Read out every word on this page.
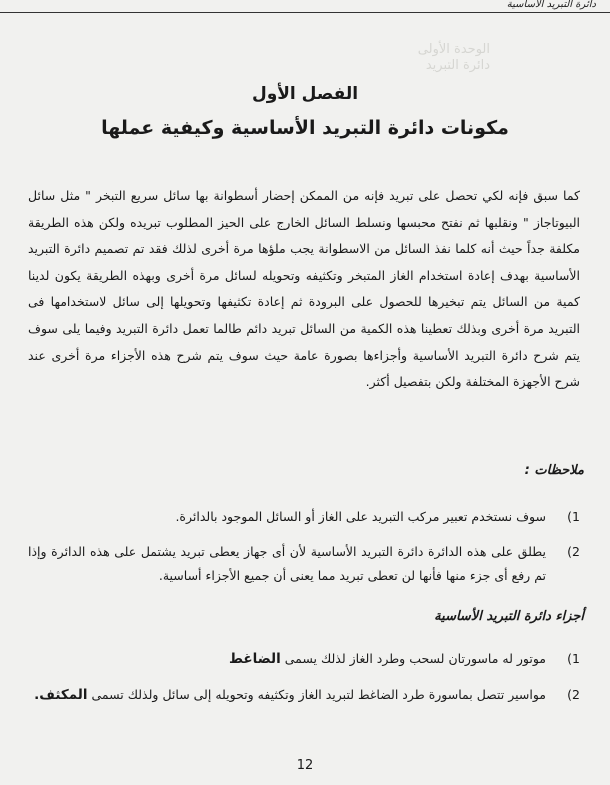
دائرة التبريد الأساسية
الوحدة الأولى
دائرة التبريد
الفصل الأول
مكونات دائرة التبريد الأساسية وكيفية عملها
كما سبق فإنه لكي تحصل على تبريد فإنه من الممكن إحضار أسطوانة بها سائل سريع التبخر " مثل سائل البيوتاجاز " ونقلبها ثم نفتح محبسها ونسلط السائل الخارج على الحيز المطلوب تبريده ولكن هذه الطريقة مكلفة جداً حيث أنه كلما نفذ السائل من الاسطوانة يجب ملؤها مرة أخرى لذلك فقد تم تصميم دائرة التبريد الأساسية بهدف إعادة استخدام الغاز المتبخر وتكثيفه وتحويله لسائل مرة أخرى وبهذه الطريقة يكون لدينا كمية من السائل يتم تبخيرها للحصول على البرودة ثم إعادة تكثيفها وتحويلها إلى سائل لاستخدامها فى التبريد مرة أخرى وبذلك تعطينا هذه الكمية من السائل تبريد دائم طالما تعمل دائرة التبريد وفيما يلى سوف يتم شرح دائرة التبريد الأساسية وأجزاءها بصورة عامة حيث سوف يتم شرح هذه الأجزاء مرة أخرى عند شرح الأجهزة المختلفة ولكن بتفصيل أكثر.
ملاحظات :
1)
سوف نستخدم تعبير مركب التبريد على الغاز أو السائل الموجود بالدائرة.
2)
يطلق على هذه الدائرة دائرة التبريد الأساسية لأن أى جهاز يعطى تبريد يشتمل على هذه الدائرة وإذا تم رفع أى جزء منها فأنها لن تعطى تبريد مما يعنى أن جميع الأجزاء أساسية.
أجزاء دائرة التبريد الأساسية
1)
موتور له ماسورتان لسحب وطرد الغاز لذلك يسمى الضاغط
2)
مواسير تتصل بماسورة طرد الضاغط لتبريد الغاز وتكثيفه وتحويله إلى سائل ولذلك تسمى المكثف.
12
